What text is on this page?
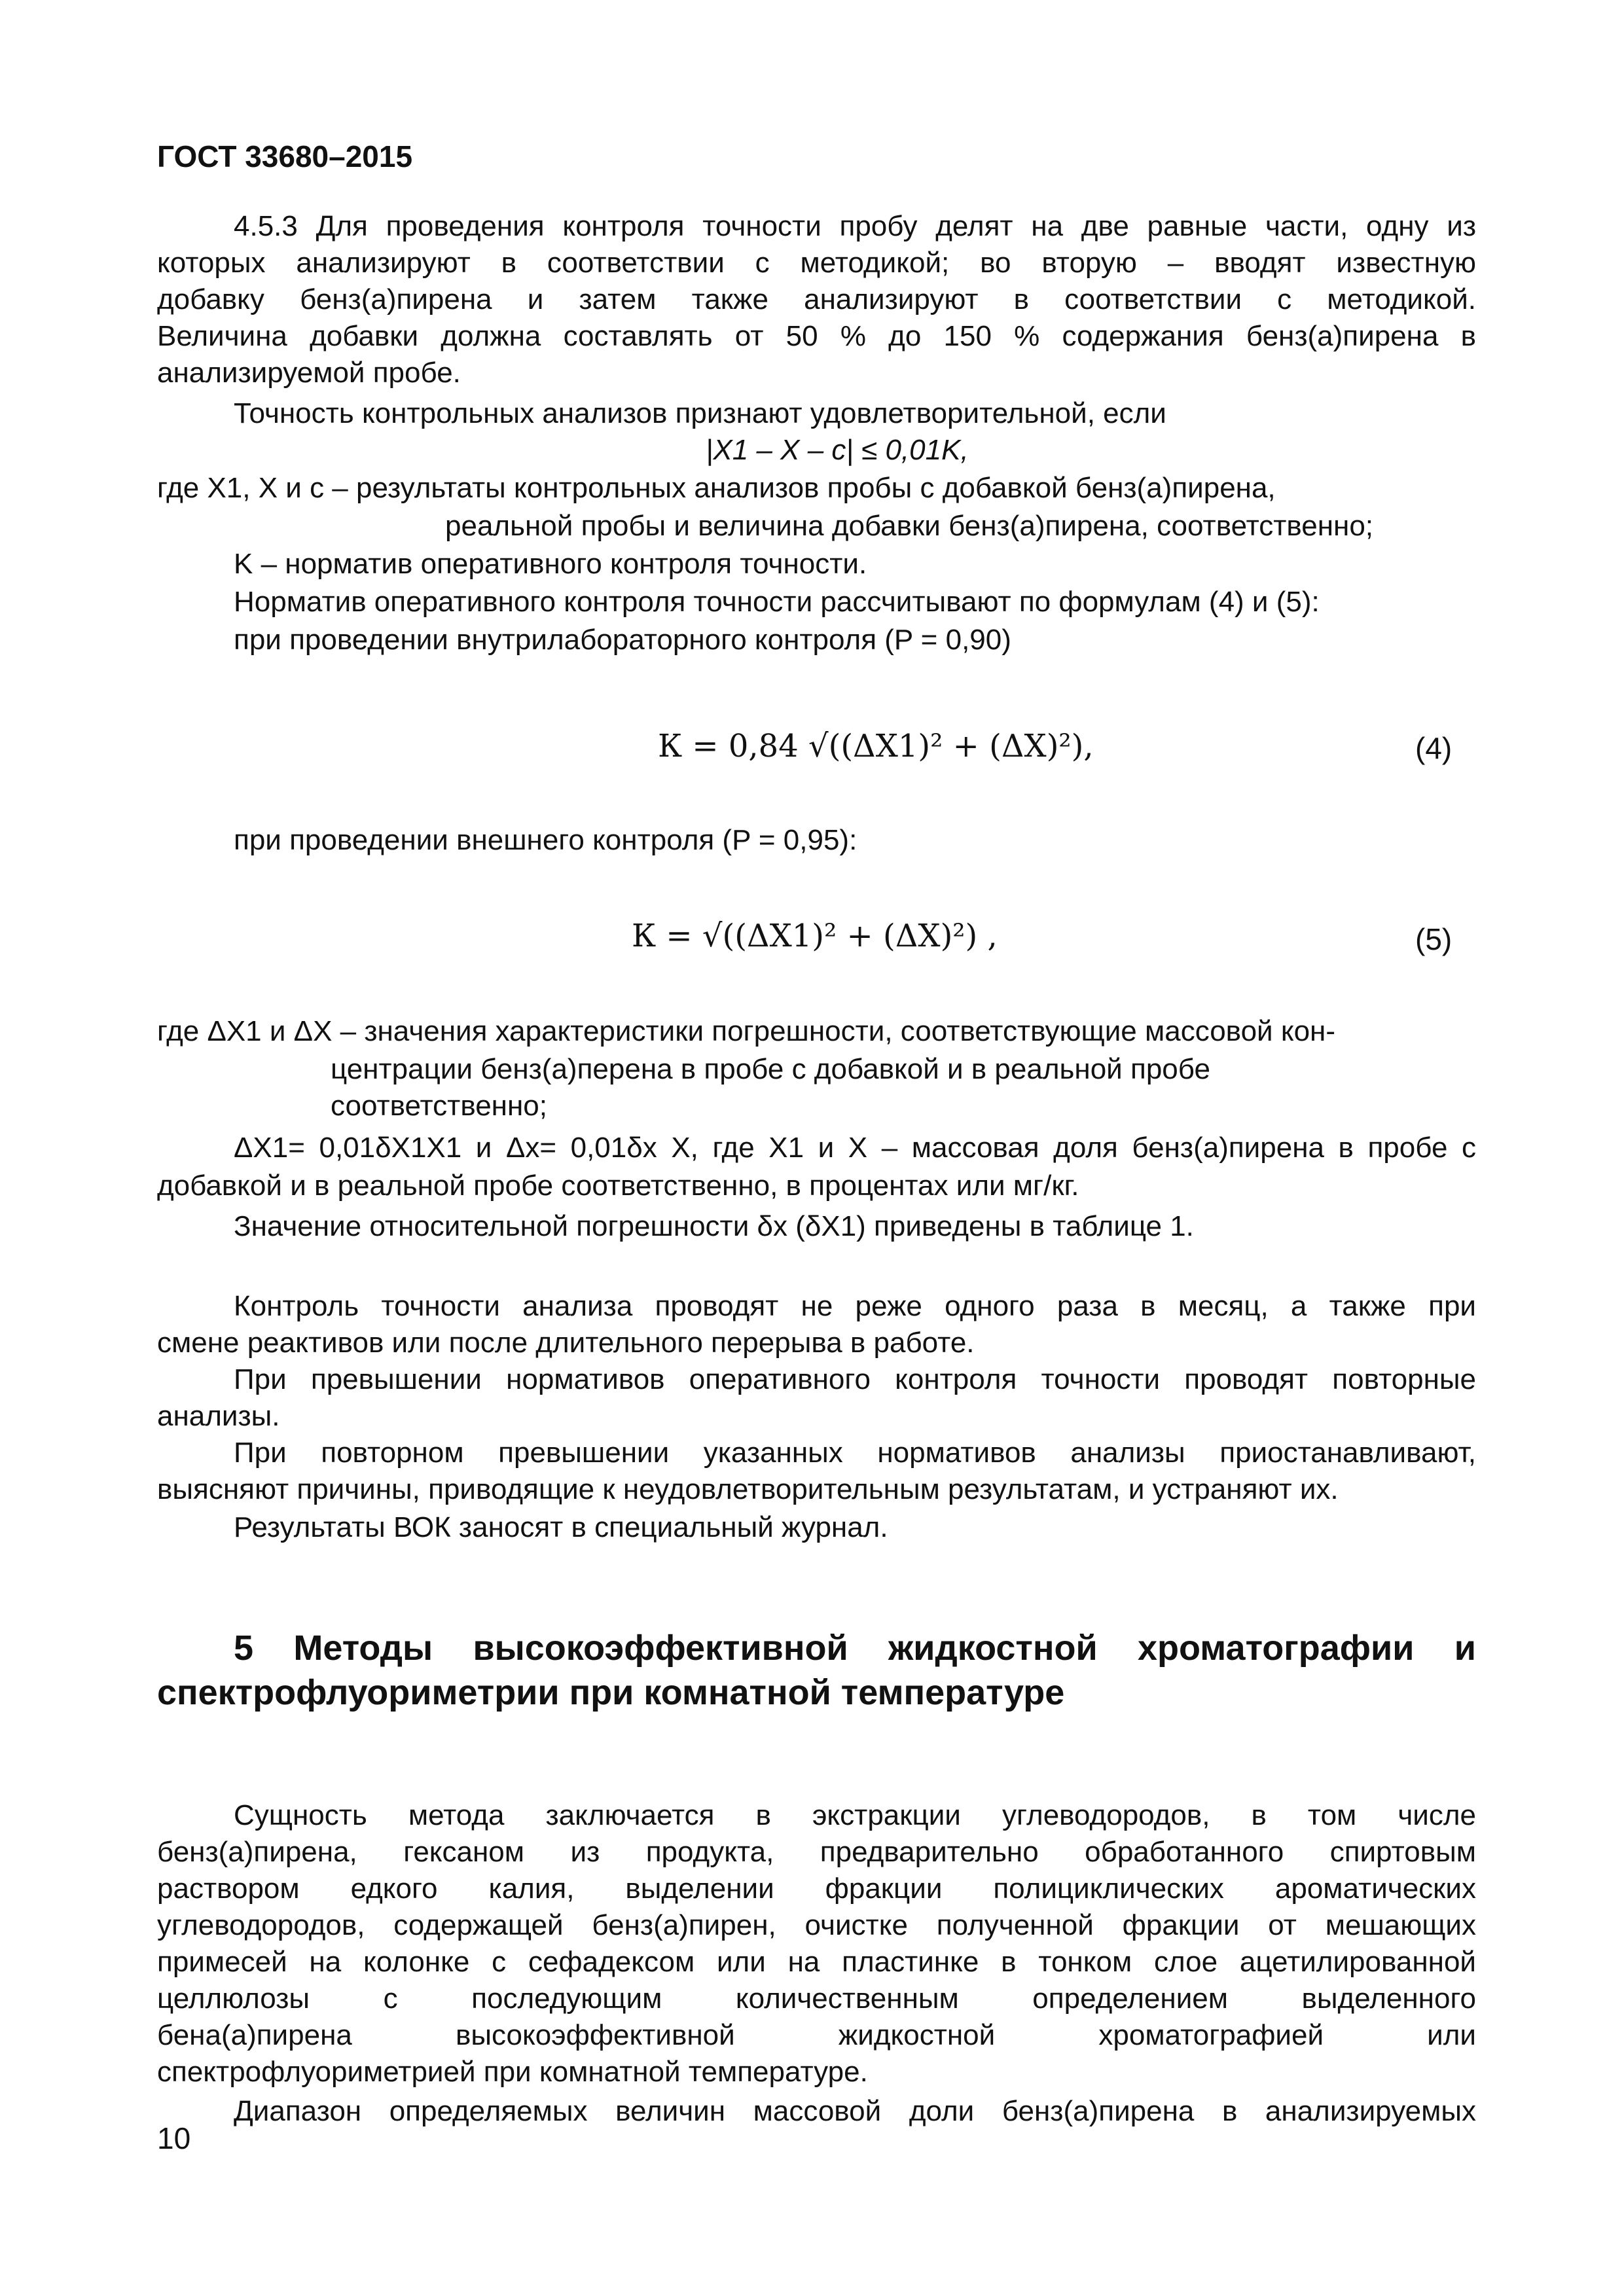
ГОСТ 33680–2015
4.5.3 Для проведения контроля точности пробу делят на две равные части, одну из
которых анализируют в соответствии с методикой; во вторую – вводят известную
добавку бенз(а)пирена и затем также анализируют в соответствии с методикой.
Величина добавки должна составлять от 50 % до 150 % содержания бенз(а)пирена в
анализируемой пробе.
Точность контрольных анализов признают удовлетворительной, если
|X1 – X – c| ≤ 0,01K,
где X1, X и c – результаты контрольных анализов пробы с добавкой бенз(а)пирена,
реальной пробы и величина добавки бенз(а)пирена, соответственно;
K – норматив оперативного контроля точности.
Норматив оперативного контроля точности рассчитывают по формулам (4) и (5):
при проведении внутрилабораторного контроля (P = 0,90)
К = 0,84 √((ΔX1)² + (ΔX)²),	(4)
при проведении внешнего контроля (P = 0,95):
К = √((ΔX1)² + (ΔX)²) ,	(5)
где ΔX1 и ΔX – значения характеристики погрешности, соответствующие массовой кон-
центрации бенз(а)перена в пробе с добавкой и в реальной пробе
соответственно;
ΔX1= 0,01δX1X1 и Δx= 0,01δx X, где X1 и X – массовая доля бенз(а)пирена в пробе с
добавкой и в реальной пробе соответственно, в процентах или мг/кг.
Значение относительной погрешности δx (δX1) приведены в таблице 1.
Контроль точности анализа проводят не реже одного раза в месяц, а также при
смене реактивов или после длительного перерыва в работе.
При превышении нормативов оперативного контроля точности проводят повторные
анализы.
При повторном превышении указанных нормативов анализы приостанавливают,
выясняют причины, приводящие к неудовлетворительным результатам, и устраняют их.
Результаты ВОК заносят в специальный журнал.
5 Методы высокоэффективной жидкостной хроматографии и
спектрофлуориметрии при комнатной температуре
Сущность метода заключается в экстракции углеводородов, в том числе
бенз(а)пирена, гексаном из продукта, предварительно обработанного спиртовым
раствором едкого калия, выделении фракции полициклических ароматических
углеводородов, содержащей бенз(а)пирен, очистке полученной фракции от мешающих
примесей на колонке с сефадексом или на пластинке в тонком слое ацетилированной
целлюлозы с последующим количественным определением выделенного
бена(а)пирена высокоэффективной жидкостной хроматографией или
спектрофлуориметрией при комнатной температуре.
Диапазон определяемых величин массовой доли бенз(а)пирена в анализируемых
10
